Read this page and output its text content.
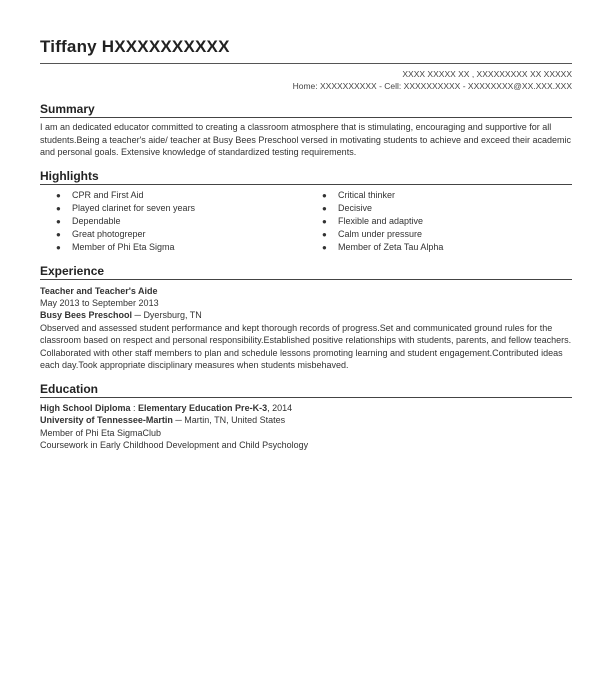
Tiffany HXXXXXXXXXX
XXXX XXXXX XX , XXXXXXXXX XX XXXXX
Home: XXXXXXXXXX - Cell: XXXXXXXXXX - XXXXXXXX@XX.XXX.XXX
Summary
I am an dedicated educator committed to creating a classroom atmosphere that is stimulating, encouraging and supportive for all students.Being a teacher's aide/ teacher at Busy Bees Preschool versed in motivating students to achieve and exceed their academic and personal goals. Extensive knowledge of standardized testing requirements.
Highlights
● CPR and First Aid
● Played clarinet for seven years
● Dependable
● Great photogreper
● Member of Phi Eta Sigma
● Critical thinker
● Decisive
● Flexible and adaptive
● Calm under pressure
● Member of Zeta Tau Alpha
Experience
Teacher and Teacher's Aide
May 2013 to September 2013
Busy Bees Preschool ─ Dyersburg, TN
Observed and assessed student performance and kept thorough records of progress.Set and communicated ground rules for the classroom based on respect and personal responsibility.Established positive relationships with students, parents, and fellow teachers. Collaborated with other staff members to plan and schedule lessons promoting learning and student engagement.Contributed ideas each day.Took appropriate disciplinary measures when students misbehaved.
Education
High School Diploma : Elementary Education Pre-K-3, 2014
University of Tennessee-Martin ─ Martin, TN, United States
Member of Phi Eta SigmaClub
Coursework in Early Childhood Development and Child Psychology
